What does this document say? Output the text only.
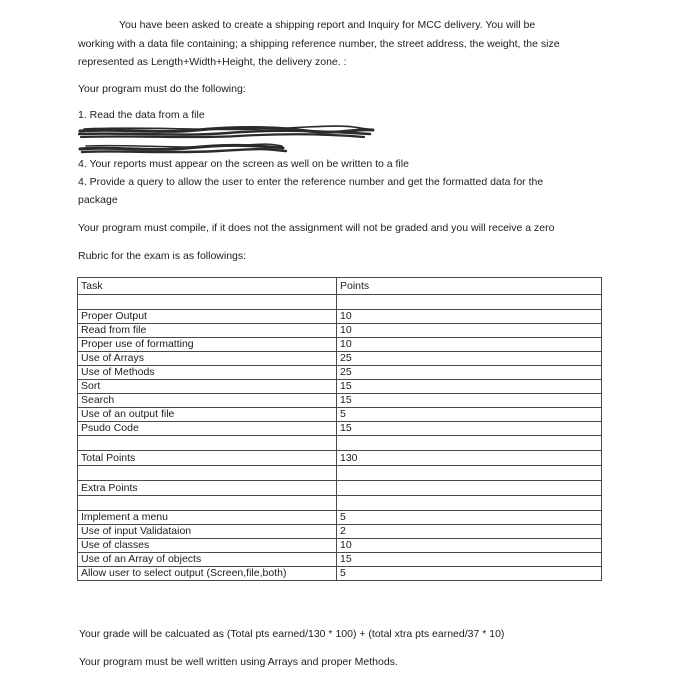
You have been asked to create a shipping report and Inquiry for MCC delivery. You will be
working with a data file containing; a shipping reference number, the street address, the weight, the size
represented as Length+Width+Height, the delivery zone. :
Your program must do the following:
1. Read the data from a file
4. Your reports must appear on the screen as well on be written to a file
4. Provide a query to allow the user to enter the reference number and get the formatted data for the
package
Your program must compile, if it does not the assignment will not be graded and you will receive a zero
Rubric for the exam is as followings:
Task	Points

Proper Output	10
Read from file	10
Proper use of formatting	10
Use of Arrays	25
Use of Methods	25
Sort	15
Search	15
Use of an output file	5
Psudo Code	15

Total Points	130

Extra Points	

Implement a menu	5
Use of input Validataion	2
Use of classes	10
Use of an Array of objects	15
Allow user to select output (Screen,file,both)	5
Your grade will be calcuated as (Total pts earned/130 * 100) + (total xtra pts earned/37 * 10)
Your program must be well written using Arrays and proper Methods.
